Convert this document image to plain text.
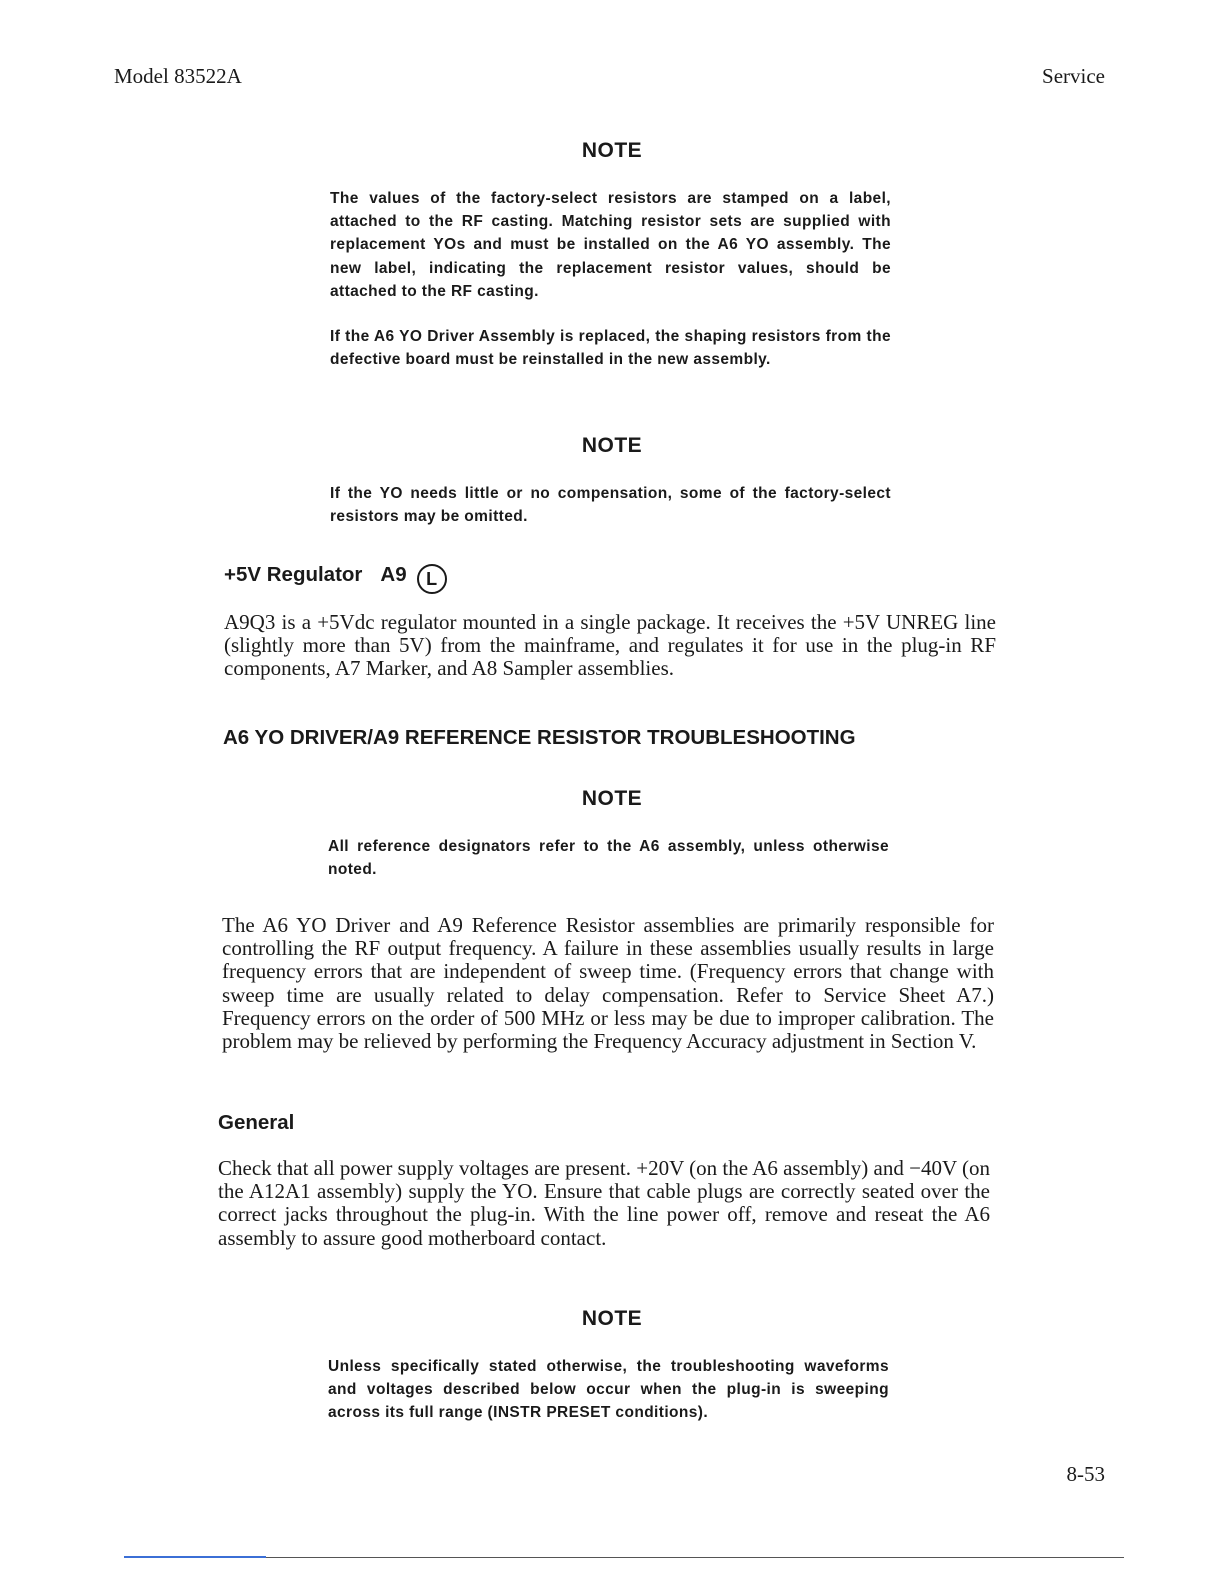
Model 83522A	Service
NOTE
The values of the factory-select resistors are stamped on a label, attached to the RF casting. Matching resistor sets are supplied with replacement YOs and must be installed on the A6 YO assembly. The new label, indicating the replacement resistor values, should be attached to the RF casting.
If the A6 YO Driver Assembly is replaced, the shaping resistors from the defective board must be reinstalled in the new assembly.
NOTE
If the YO needs little or no compensation, some of the factory-select resistors may be omitted.
+5V Regulator A9 L
A9Q3 is a +5Vdc regulator mounted in a single package. It receives the +5V UNREG line (slightly more than 5V) from the mainframe, and regulates it for use in the plug-in RF components, A7 Marker, and A8 Sampler assemblies.
A6 YO DRIVER/A9 REFERENCE RESISTOR TROUBLESHOOTING
NOTE
All reference designators refer to the A6 assembly, unless otherwise noted.
The A6 YO Driver and A9 Reference Resistor assemblies are primarily responsible for controlling the RF output frequency. A failure in these assemblies usually results in large frequency errors that are independent of sweep time. (Frequency errors that change with sweep time are usually related to delay compensation. Refer to Service Sheet A7.) Frequency errors on the order of 500 MHz or less may be due to improper calibration. The problem may be relieved by performing the Frequency Accuracy adjustment in Section V.
General
Check that all power supply voltages are present. +20V (on the A6 assembly) and −40V (on the A12A1 assembly) supply the YO. Ensure that cable plugs are correctly seated over the correct jacks throughout the plug-in. With the line power off, remove and reseat the A6 assembly to assure good motherboard contact.
NOTE
Unless specifically stated otherwise, the troubleshooting waveforms and voltages described below occur when the plug-in is sweeping across its full range (INSTR PRESET conditions).
8-53
